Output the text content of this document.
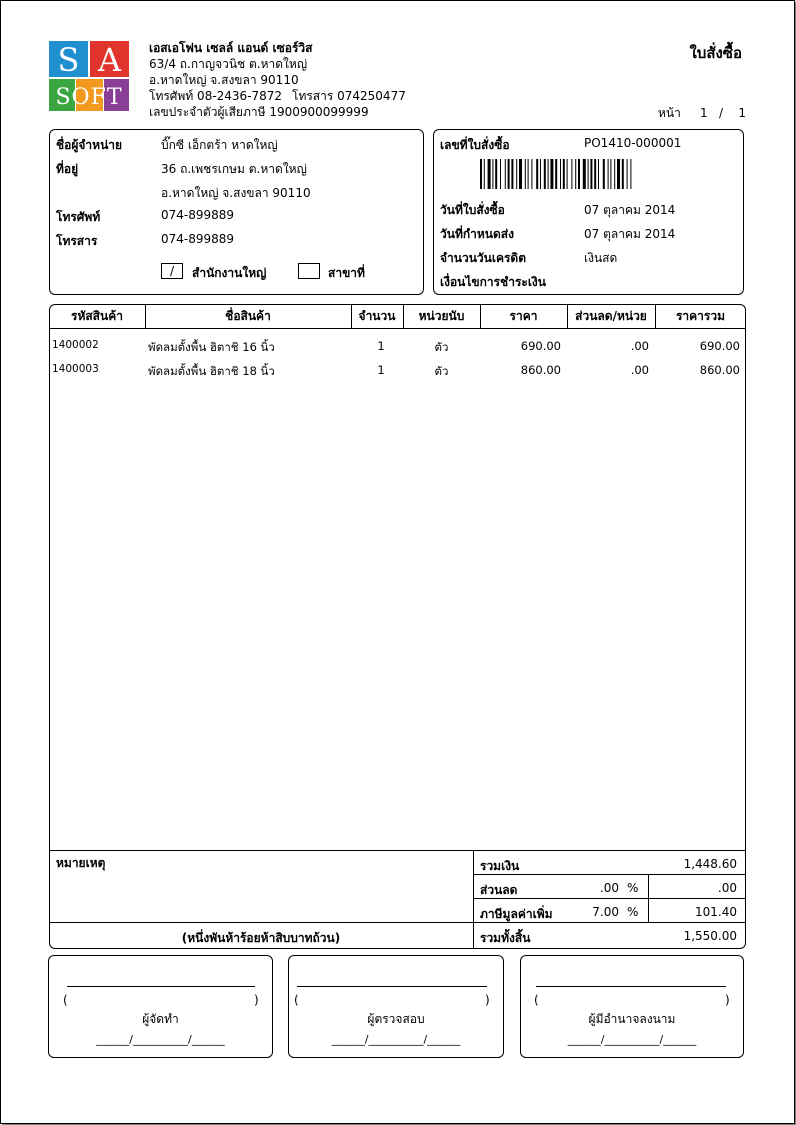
S A
SOFT
เอสเอโฟน เซลล์ แอนด์ เซอร์วิส
63/4 ถ.กาญจวนิช ต.หาดใหญ่
อ.หาดใหญ่ จ.สงขลา 90110
โทรศัพท์ 08-2436-7872 โทรสาร 074250477
เลขประจำตัวผู้เสียภาษี 1900900099999
ใบสั่งซื้อ
หน้า 1 / 1
ชื่อผู้จำหน่าย	บิ๊กซี เอ็กตร้า หาดใหญ่
ที่อยู่	36 ถ.เพชรเกษม ต.หาดใหญ่
อ.หาดใหญ่ จ.สงขลา 90110
โทรศัพท์	074-899889
โทรสาร	074-899889
/	สำนักงานใหญ่	สาขาที่
เลขที่ใบสั่งซื้อ	PO1410-000001
วันที่ใบสั่งซื้อ	07 ตุลาคม 2014
วันที่กำหนดส่ง	07 ตุลาคม 2014
จำนวนวันเครดิต	เงินสด
เงื่อนไขการชำระเงิน
รหัสสินค้า	ชื่อสินค้า	จำนวน	หน่วยนับ	ราคา	ส่วนลด/หน่วย	ราคารวม
1400002	พัดลมตั้งพื้น ฮิตาชิ 16 นิ้ว	1	ตัว	690.00	.00	690.00
1400003	พัดลมตั้งพื้น ฮิตาชิ 18 นิ้ว	1	ตัว	860.00	.00	860.00
หมายเหตุ
(หนึ่งพันห้าร้อยห้าสิบบาทถ้วน)
รวมเงิน	1,448.60
ส่วนลด	.00 %	.00
ภาษีมูลค่าเพิ่ม	7.00 %	101.40
รวมทั้งสิ้น	1,550.00
(	)
ผู้จัดทำ
______/__________/______
(	)
ผู้ตรวจสอบ
______/__________/______
(	)
ผู้มีอำนาจลงนาม
______/__________/______
